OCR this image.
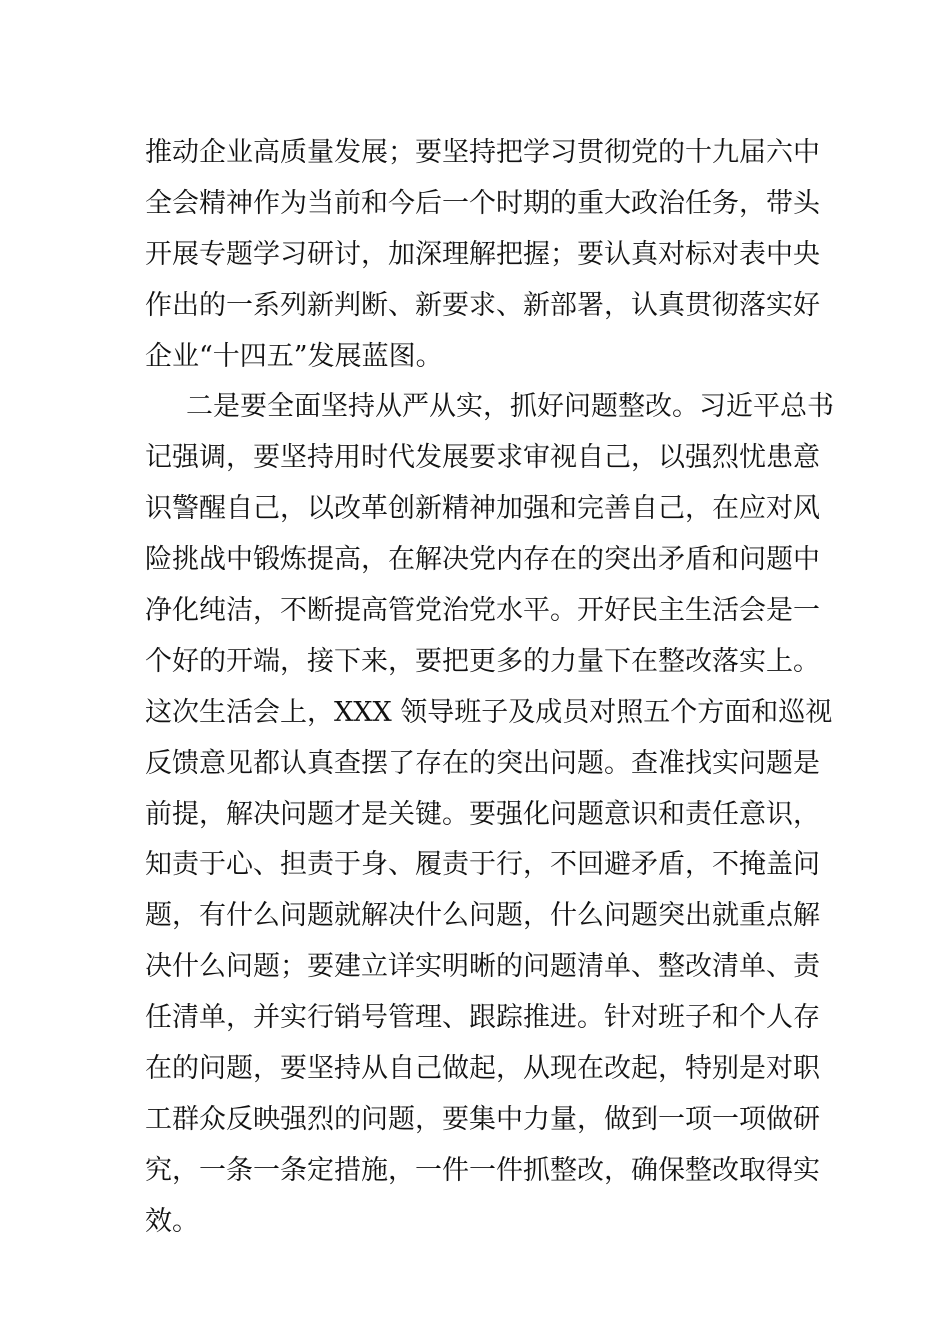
推动企业高质量发展；要坚持把学习贯彻党的十九届六中
全会精神作为当前和今后一个时期的重大政治任务，带头
开展专题学习研讨，加深理解把握；要认真对标对表中央
作出的一系列新判断、新要求、新部署，认真贯彻落实好
企业“十四五”发展蓝图。
二是要全面坚持从严从实，抓好问题整改。习近平总书
记强调，要坚持用时代发展要求审视自己，以强烈忧患意
识警醒自己，以改革创新精神加强和完善自己，在应对风
险挑战中锻炼提高，在解决党内存在的突出矛盾和问题中
净化纯洁，不断提高管党治党水平。开好民主生活会是一
个好的开端，接下来，要把更多的力量下在整改落实上。
这次生活会上，XXX 领导班子及成员对照五个方面和巡视
反馈意见都认真查摆了存在的突出问题。查准找实问题是
前提，解决问题才是关键。要强化问题意识和责任意识，
知责于心、担责于身、履责于行，不回避矛盾，不掩盖问
题，有什么问题就解决什么问题，什么问题突出就重点解
决什么问题；要建立详实明晰的问题清单、整改清单、责
任清单，并实行销号管理、跟踪推进。针对班子和个人存
在的问题，要坚持从自己做起，从现在改起，特别是对职
工群众反映强烈的问题，要集中力量，做到一项一项做研
究，一条一条定措施，一件一件抓整改，确保整改取得实
效。
